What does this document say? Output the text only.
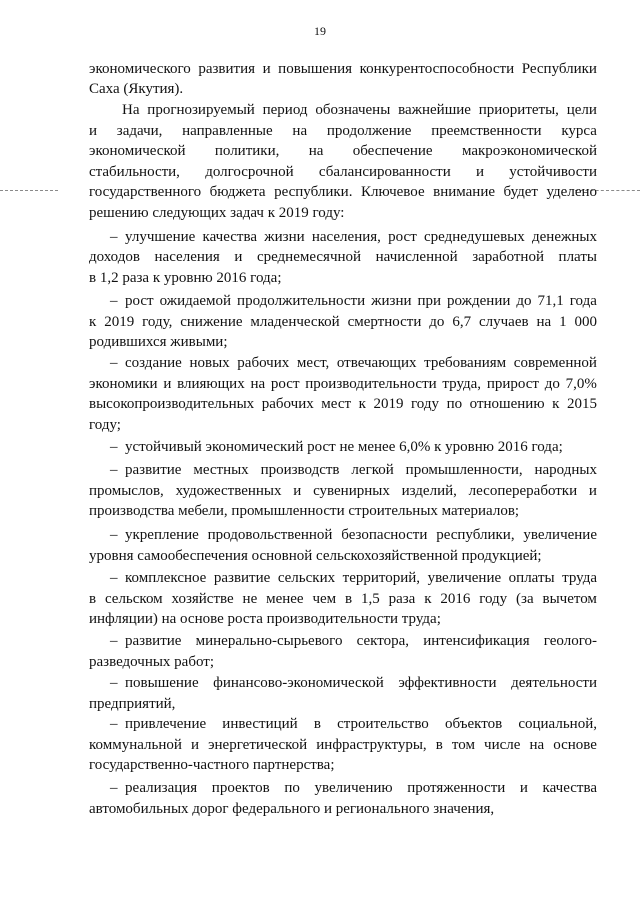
19
экономического развития и повышения конкурентоспособности Республики
Саха (Якутия).
На прогнозируемый период обозначены важнейшие приоритеты, цели
и задачи, направленные на продолжение преемственности курса
экономической политики, на обеспечение макроэкономической
стабильности, долгосрочной сбалансированности и устойчивости
государственного бюджета республики. Ключевое внимание будет уделено
решению следующих задач к 2019 году:
– улучшение качества жизни населения, рост среднедушевых денежных
доходов населения и среднемесячной начисленной заработной платы
в 1,2 раза к уровню 2016 года;
– рост ожидаемой продолжительности жизни при рождении до 71,1 года
к 2019 году, снижение младенческой смертности до 6,7 случаев на 1 000
родившихся живыми;
– создание новых рабочих мест, отвечающих требованиям современной
экономики и влияющих на рост производительности труда, прирост до 7,0%
высокопроизводительных рабочих мест к 2019 году по отношению к 2015
году;
– устойчивый экономический рост не менее 6,0% к уровню 2016 года;
– развитие местных производств легкой промышленности, народных
промыслов, художественных и сувенирных изделий, лесопереработки и
производства мебели, промышленности строительных материалов;
– укрепление продовольственной безопасности республики, увеличение
уровня самообеспечения основной сельскохозяйственной продукцией;
– комплексное развитие сельских территорий, увеличение оплаты труда
в сельском хозяйстве не менее чем в 1,5 раза к 2016 году (за вычетом
инфляции) на основе роста производительности труда;
– развитие минерально-сырьевого сектора, интенсификация геолого-
разведочных работ;
– повышение финансово-экономической эффективности деятельности
предприятий,
– привлечение инвестиций в строительство объектов социальной,
коммунальной и энергетической инфраструктуры, в том числе на основе
государственно-частного партнерства;
– реализация проектов по увеличению протяженности и качества
автомобильных дорог федерального и регионального значения,
